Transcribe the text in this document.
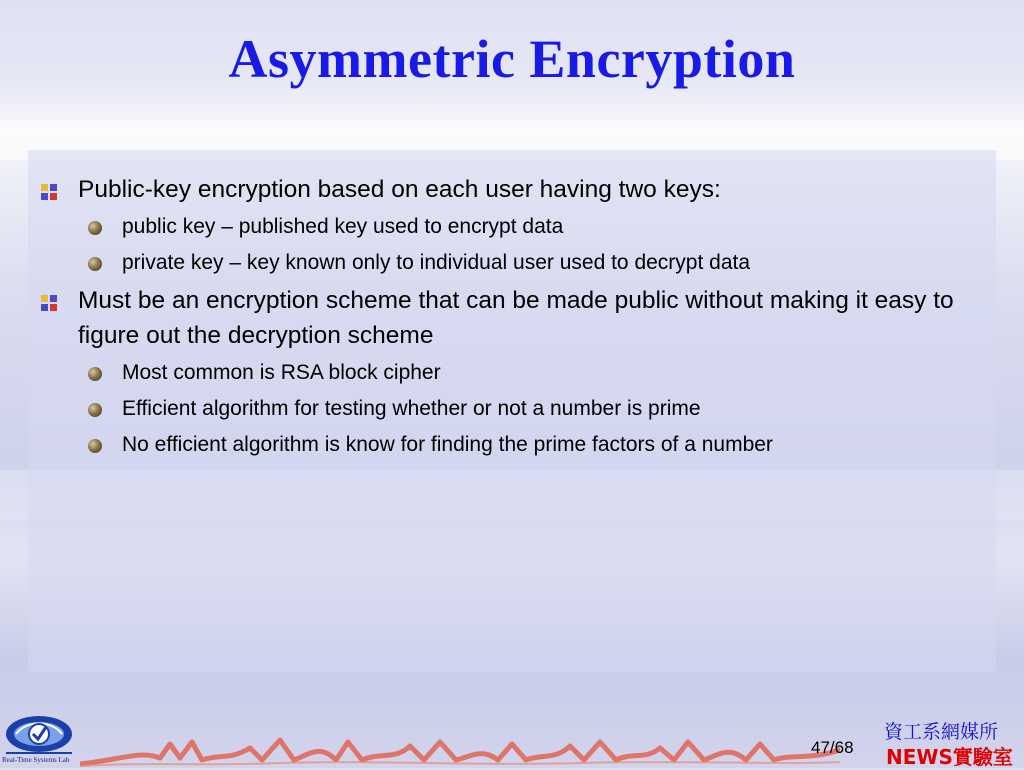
Asymmetric Encryption
Public-key encryption based on each user having two keys:
public key – published key used to encrypt data
private key – key known only to individual user used to decrypt data
Must be an encryption scheme that can be made public without making it easy to figure out the decryption scheme
Most common is RSA block cipher
Efficient algorithm for testing whether or not a number is prime
No efficient algorithm is know for finding the prime factors of a number
Real-Time Systems Lab
47/68
資工系網媒所
NEWS實驗室
